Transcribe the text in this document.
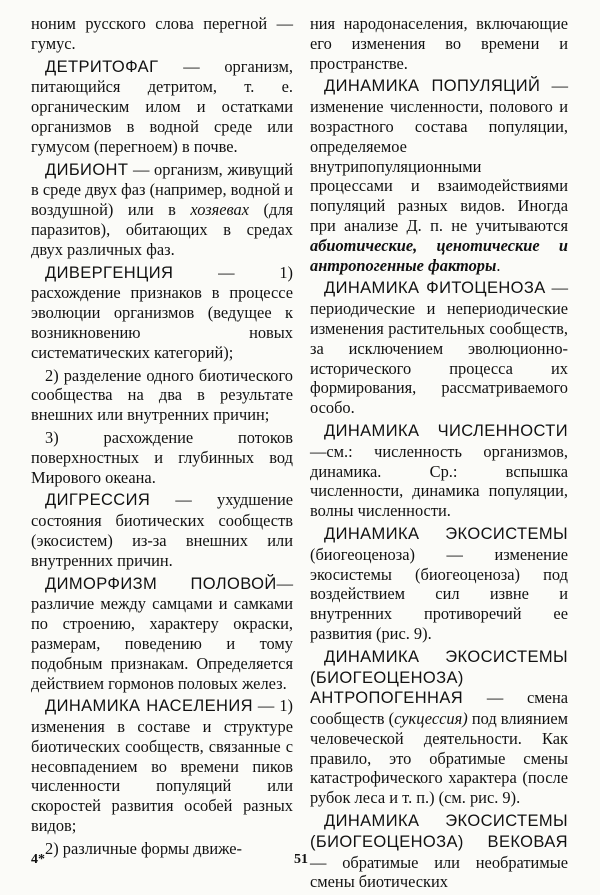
ноним русского слова перегной — гумус.

ДЕТРИТОФАГ — организм, питающийся детритом, т. е. органическим илом и остатками организмов в водной среде или гумусом (перегноем) в почве.

ДИБИОНТ — организм, живущий в среде двух фаз (например, водной и воздушной) или в хозяевах (для паразитов), обитающих в средах двух различных фаз.

ДИВЕРГЕНЦИЯ — 1) расхождение признаков в процессе эволюции организмов (ведущее к возникновению новых систематических категорий);

2) разделение одного биотического сообщества на два в результате внешних или внутренних причин;

3) расхождение потоков поверхностных и глубинных вод Мирового океана.

ДИГРЕССИЯ — ухудшение состояния биотических сообществ (экосистем) из-за внешних или внутренних причин.

ДИМОРФИЗМ ПОЛОВОЙ— различие между самцами и самками по строению, характеру окраски, размерам, поведению и тому подобным признакам. Определяется действием гормонов половых желез.

ДИНАМИКА НАСЕЛЕНИЯ — 1) изменения в составе и структуре биотических сообществ, связанные с несовпадением во времени пиков численности популяций или скоростей развития особей разных видов;

2) различные формы движе-

ния народонаселения, включающие его изменения во времени и пространстве.

ДИНАМИКА ПОПУЛЯЦИЙ — изменение численности, полового и возрастного состава популяции, определяемое внутрипопуляционными процессами и взаимодействиями популяций разных видов. Иногда при анализе Д. п. не учитываются абиотические, ценотические и антропогенные факторы.

ДИНАМИКА ФИТОЦЕНОЗА — периодические и непериодические изменения растительных сообществ, за исключением эволюционно-исторического процесса их формирования, рассматриваемого особо.

ДИНАМИКА ЧИСЛЕННОСТИ —см.: численность организмов, динамика. Ср.: вспышка численности, динамика популяции, волны численности.

ДИНАМИКА ЭКОСИСТЕМЫ (биогеоценоза) — изменение экосистемы (биогеоценоза) под воздействием сил извне и внутренних противоречий ее развития (рис. 9).

ДИНАМИКА ЭКОСИСТЕМЫ (БИОГЕОЦЕНОЗА) АНТРОПОГЕННАЯ — смена сообществ (сукцессия) под влиянием человеческой деятельности. Как правило, это обратимые смены катастрофического характера (после рубок леса и т. п.) (см. рис. 9).

ДИНАМИКА ЭКОСИСТЕМЫ (БИОГЕОЦЕНОЗА) ВЕКОВАЯ — обратимые или необратимые смены биотических

4*	51
